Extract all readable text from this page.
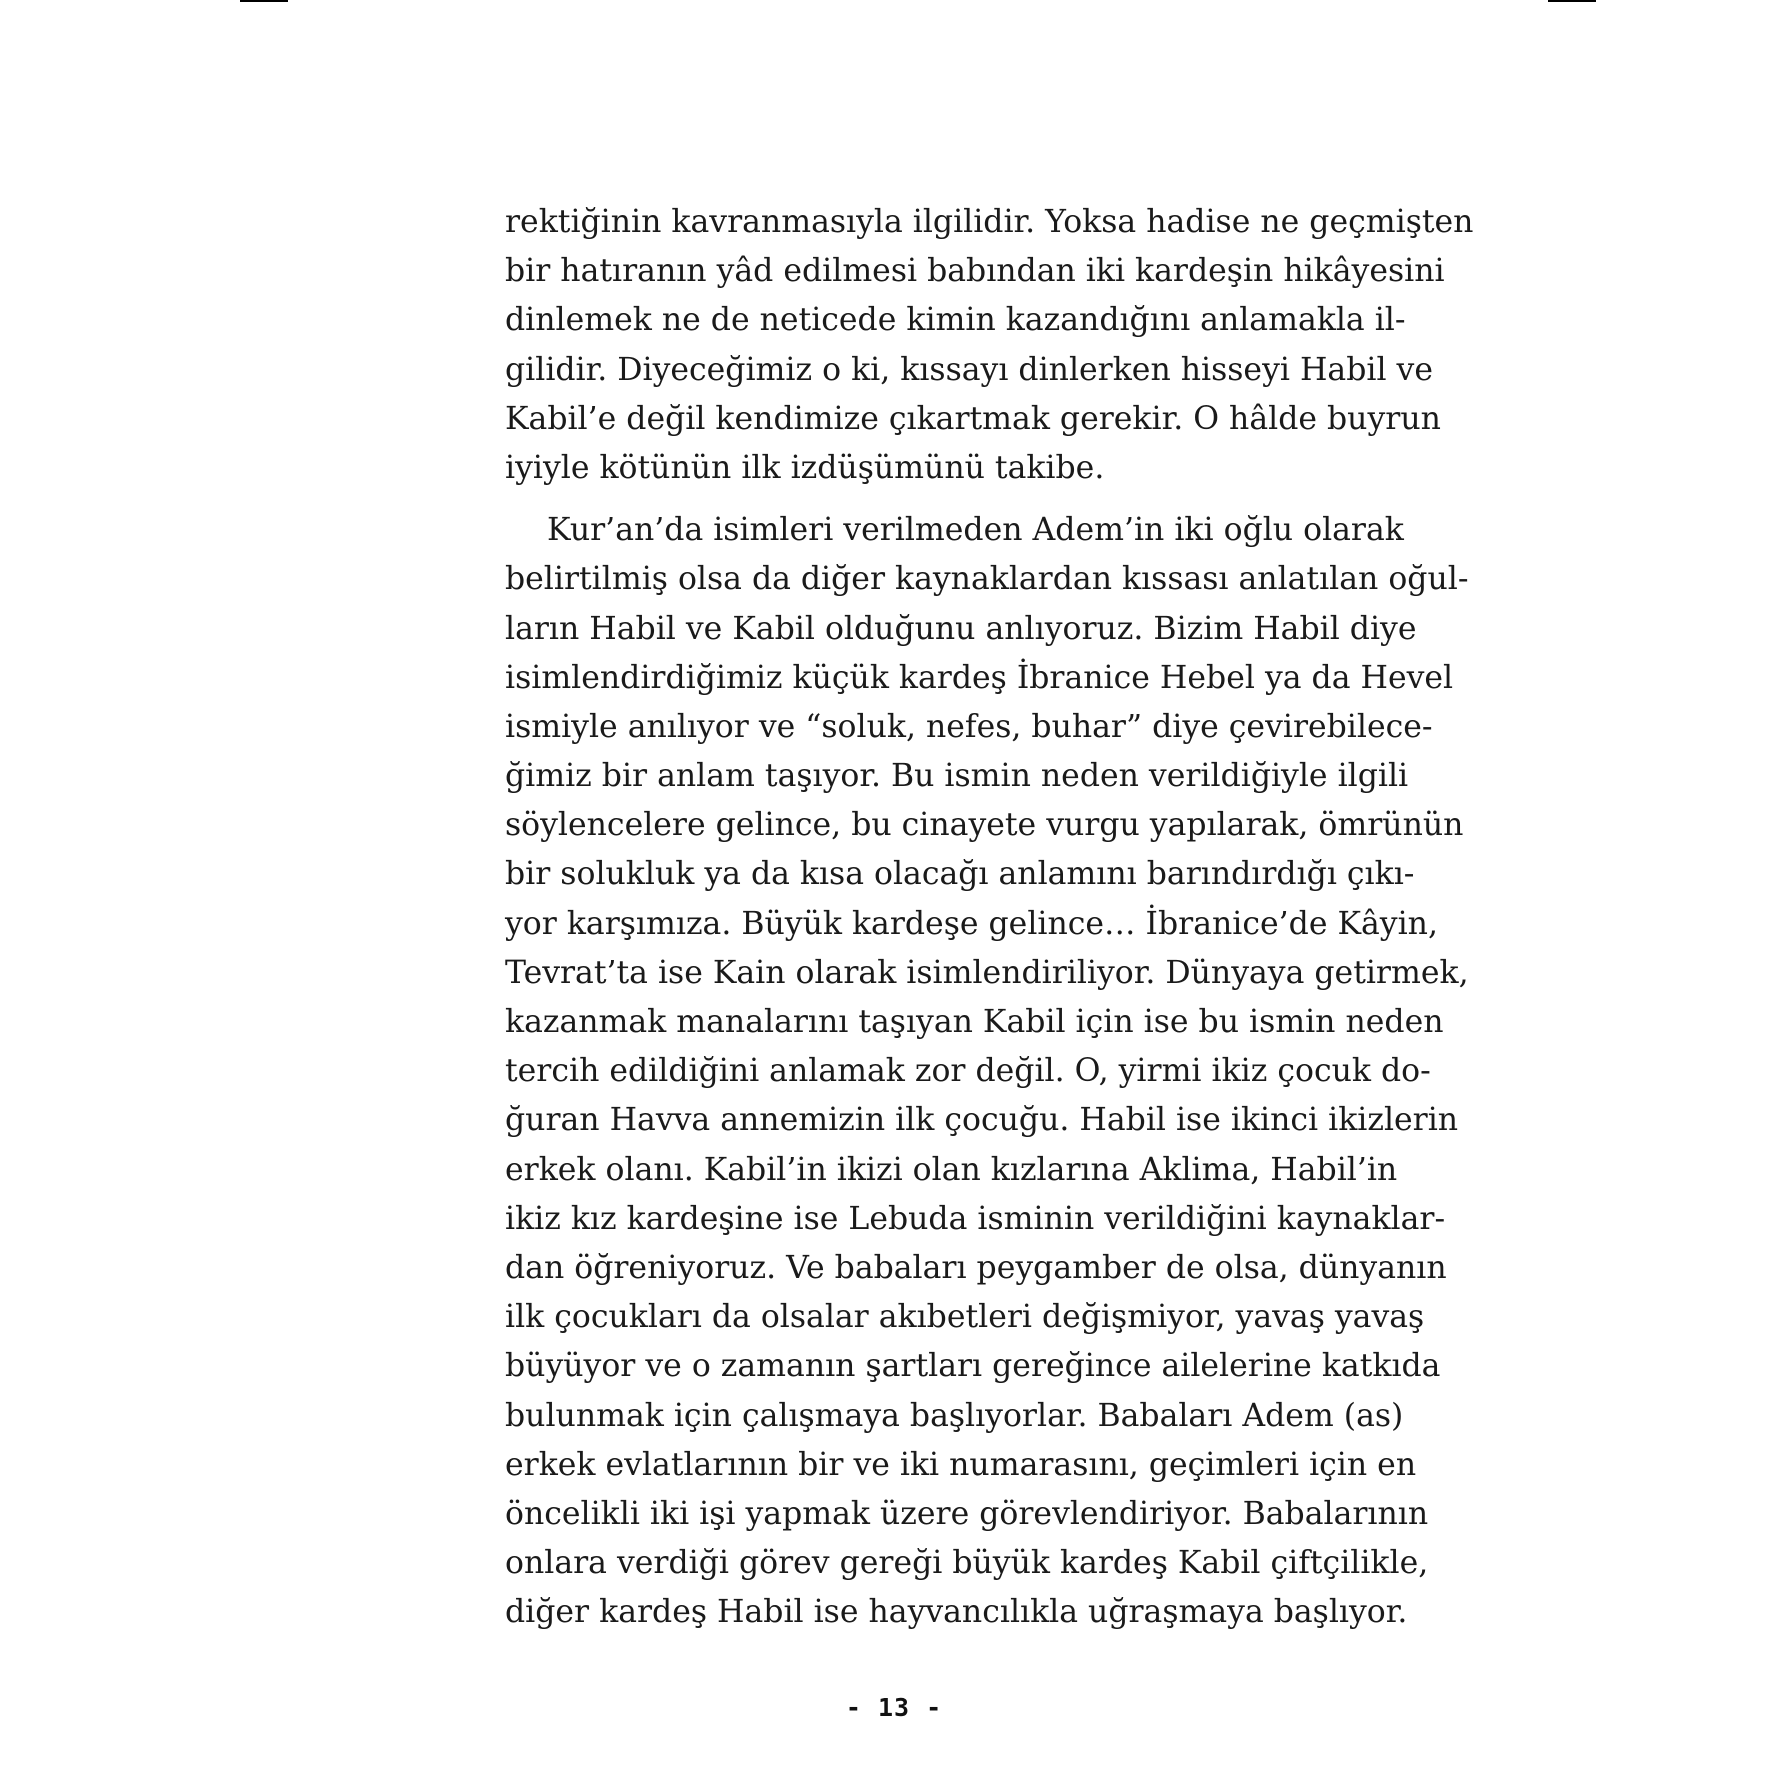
rektiğinin kavranmasıyla ilgilidir. Yoksa hadise ne geçmişten
bir hatıranın yâd edilmesi babından iki kardeşin hikâyesini
dinlemek ne de neticede kimin kazandığını anlamakla il-
gilidir. Diyeceğimiz o ki, kıssayı dinlerken hisseyi Habil ve
Kabil’e değil kendimize çıkartmak gerekir. O hâlde buyrun
iyiyle kötünün ilk izdüşümünü takibe.
Kur’an’da isimleri verilmeden Adem’in iki oğlu olarak
belirtilmiş olsa da diğer kaynaklardan kıssası anlatılan oğul-
ların Habil ve Kabil olduğunu anlıyoruz. Bizim Habil diye
isimlendirdiğimiz küçük kardeş İbranice Hebel ya da Hevel
ismiyle anılıyor ve “soluk, nefes, buhar” diye çevirebilece-
ğimiz bir anlam taşıyor. Bu ismin neden verildiğiyle ilgili
söylencelere gelince, bu cinayete vurgu yapılarak, ömrünün
bir solukluk ya da kısa olacağı anlamını barındırdığı çıkı-
yor karşımıza. Büyük kardeşe gelince… İbranice’de Kâyin,
Tevrat’ta ise Kain olarak isimlendiriliyor. Dünyaya getirmek,
kazanmak manalarını taşıyan Kabil için ise bu ismin neden
tercih edildiğini anlamak zor değil. O, yirmi ikiz çocuk do-
ğuran Havva annemizin ilk çocuğu. Habil ise ikinci ikizlerin
erkek olanı. Kabil’in ikizi olan kızlarına Aklima, Habil’in
ikiz kız kardeşine ise Lebuda isminin verildiğini kaynaklar-
dan öğreniyoruz. Ve babaları peygamber de olsa, dünyanın
ilk çocukları da olsalar akıbetleri değişmiyor, yavaş yavaş
büyüyor ve o zamanın şartları gereğince ailelerine katkıda
bulunmak için çalışmaya başlıyorlar. Babaları Adem (as)
erkek evlatlarının bir ve iki numarasını, geçimleri için en
öncelikli iki işi yapmak üzere görevlendiriyor. Babalarının
onlara verdiği görev gereği büyük kardeş Kabil çiftçilikle,
diğer kardeş Habil ise hayvancılıkla uğraşmaya başlıyor.
- 13 -
